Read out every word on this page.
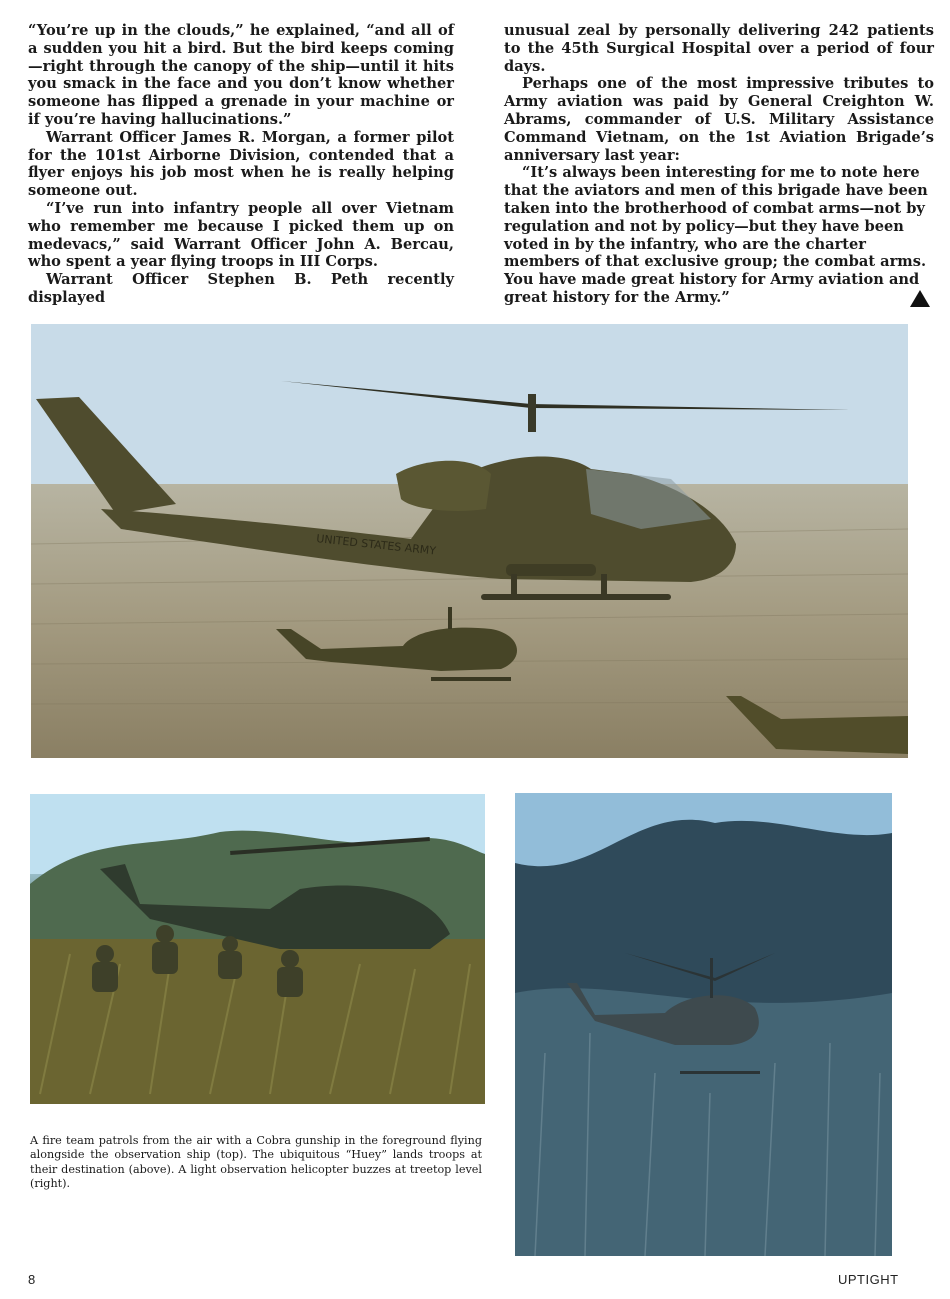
“You’re up in the clouds,” he explained, “and all of a sudden you hit a bird. But the bird keeps coming—right through the canopy of the ship—until it hits you smack in the face and you don’t know whether someone has flipped a grenade in your machine or if you’re having hallucinations.”

Warrant Officer James R. Morgan, a former pilot for the 101st Airborne Division, contended that a flyer enjoys his job most when he is really helping someone out.

“I’ve run into infantry people all over Vietnam who remember me because I picked them up on medevacs,” said Warrant Officer John A. Bercau, who spent a year flying troops in III Corps.

Warrant Officer Stephen B. Peth recently displayed

unusual zeal by personally delivering 242 patients to the 45th Surgical Hospital over a period of four days.

Perhaps one of the most impressive tributes to Army aviation was paid by General Creighton W. Abrams, commander of U.S. Military Assistance Command Vietnam, on the 1st Aviation Brigade’s anniversary last year:

“It’s always been interesting for me to note here that the aviators and men of this brigade have been taken into the brotherhood of combat arms—not by regulation and not by policy—but they have been voted in by the infantry, who are the charter members of that exclusive group; the combat arms. You have made great history for Army aviation and great history for the Army.”

UNITED STATES ARMY
A fire team patrols from the air with a Cobra gunship in the foreground flying alongside the observation ship (top). The ubiquitous “Huey” lands troops at their destination (above). A light observation helicopter buzzes at treetop level (right).
8	UPTIGHT
